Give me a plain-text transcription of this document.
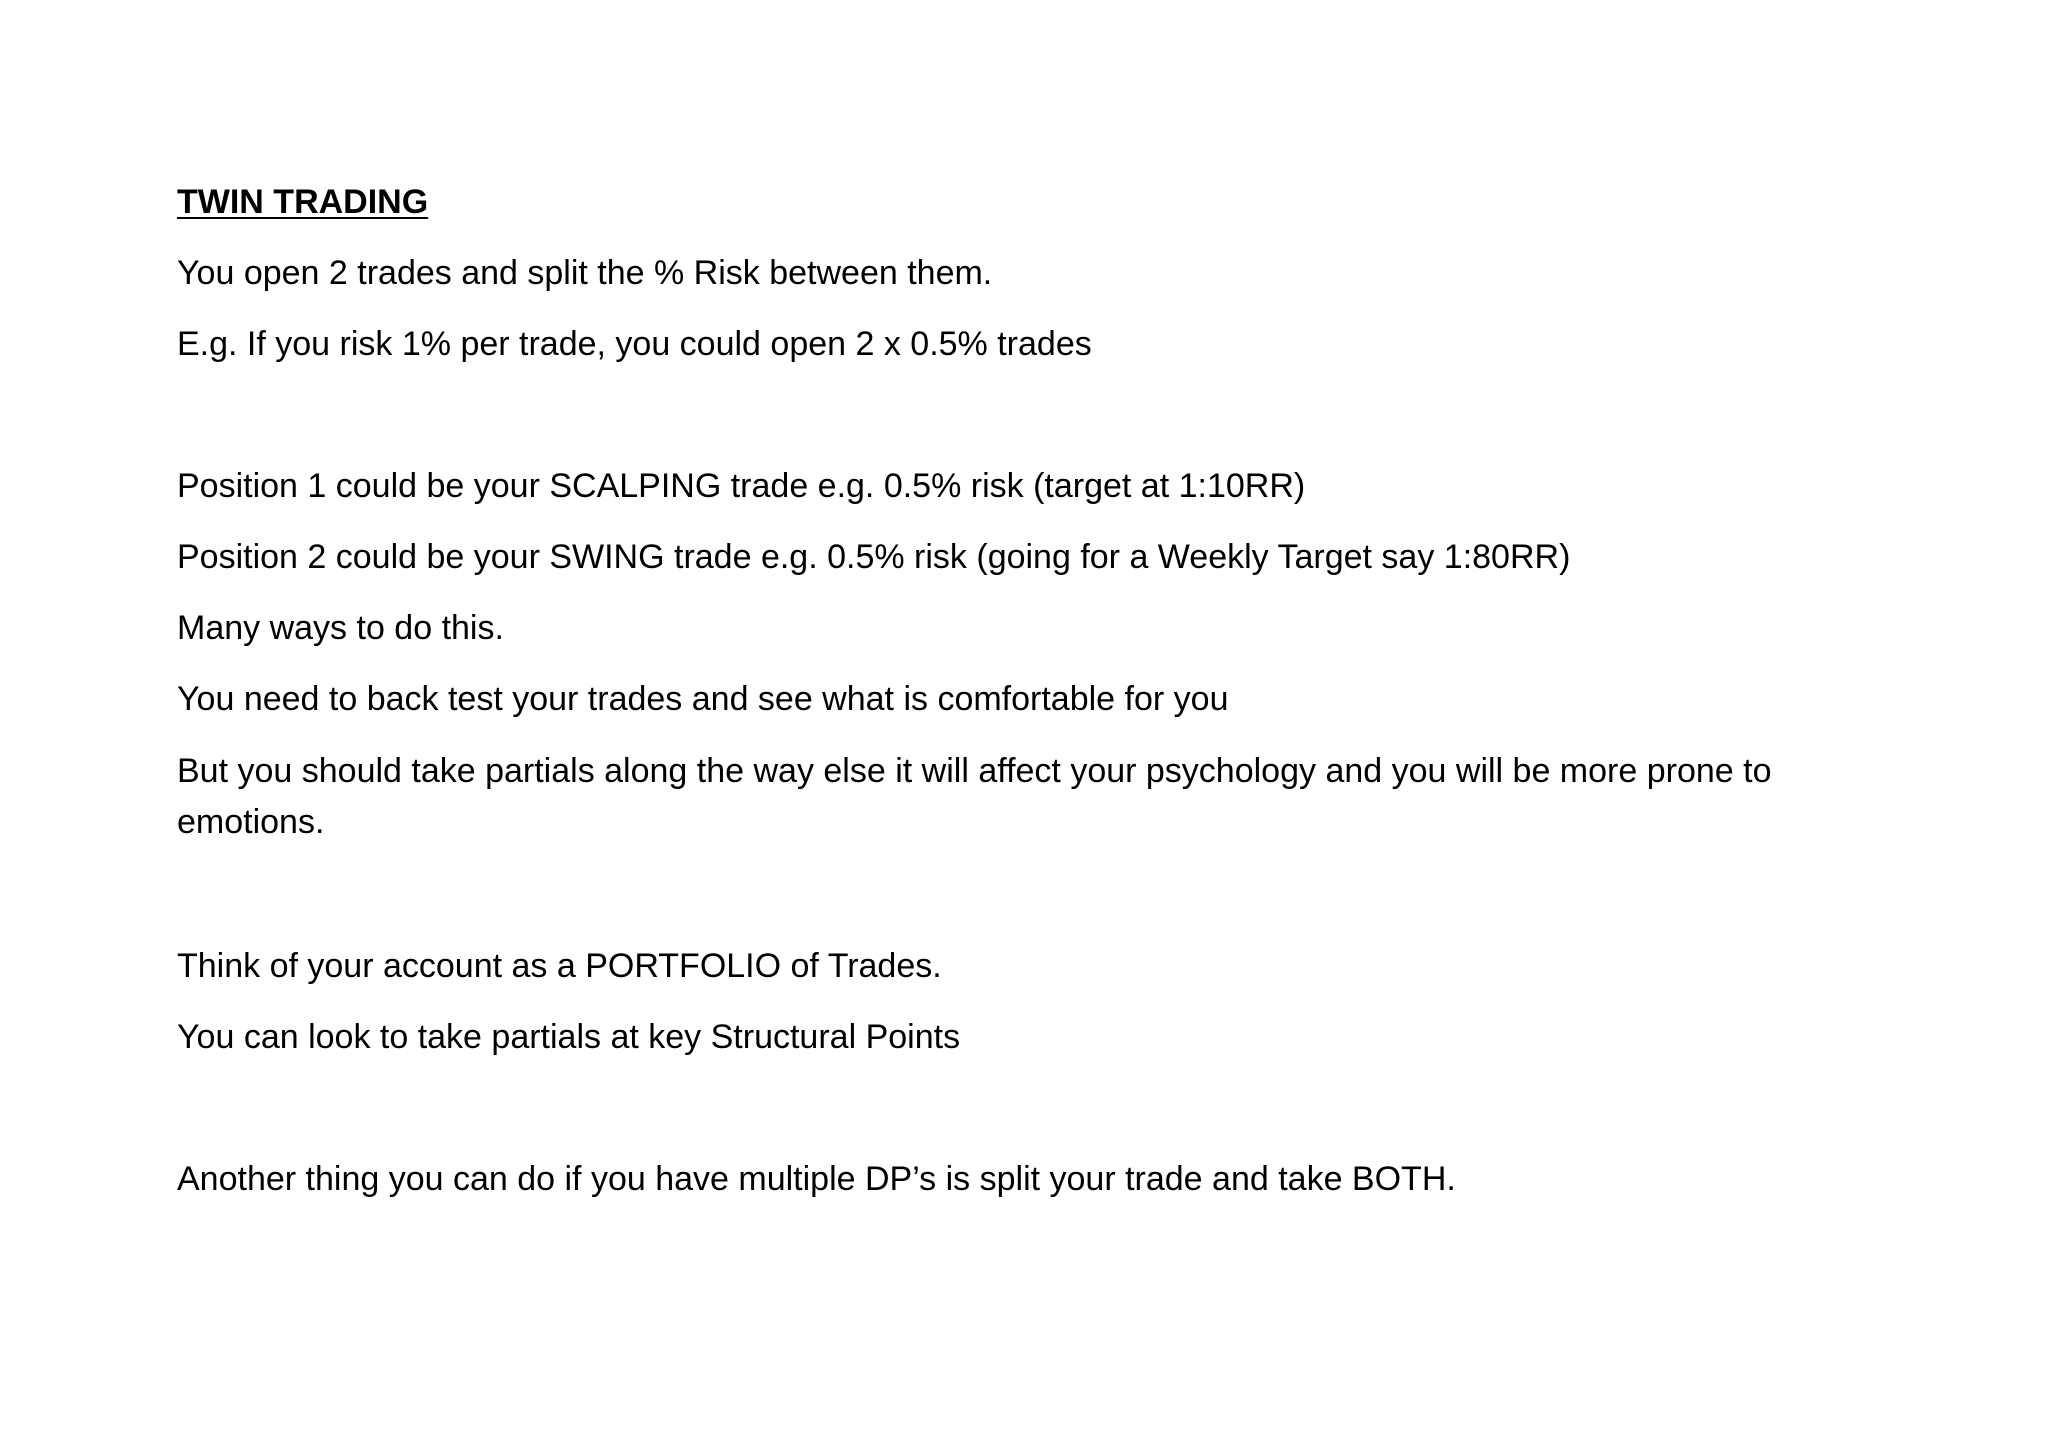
TWIN TRADING

You open 2 trades and split the % Risk between them.

E.g. If you risk 1% per trade, you could open 2 x 0.5% trades

Position 1 could be your SCALPING trade e.g. 0.5% risk (target at 1:10RR)

Position 2 could be your SWING trade e.g. 0.5% risk (going for a Weekly Target say 1:80RR)

Many ways to do this.

You need to back test your trades and see what is comfortable for you

But you should take partials along the way else it will affect your psychology and you will be more prone to emotions.

Think of your account as a PORTFOLIO of Trades.

You can look to take partials at key Structural Points

Another thing you can do if you have multiple DP’s is split your trade and take BOTH.
